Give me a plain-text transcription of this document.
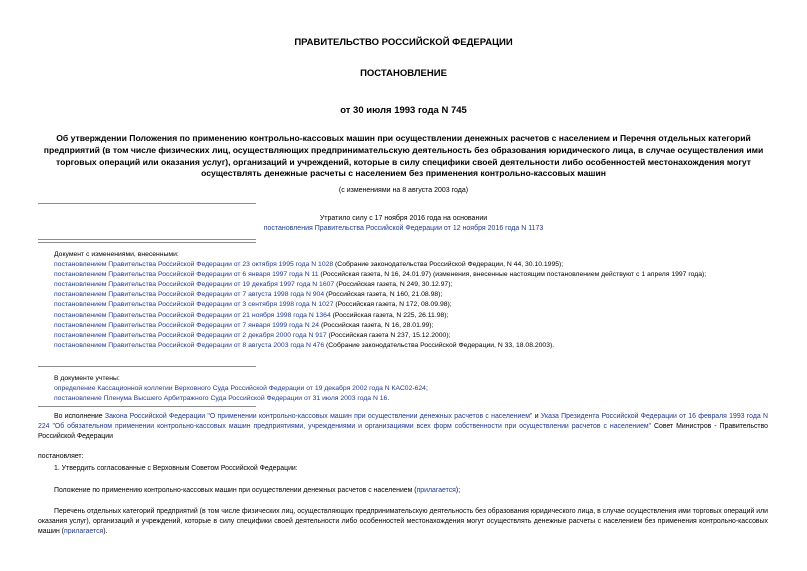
ПРАВИТЕЛЬСТВО РОССИЙСКОЙ ФЕДЕРАЦИИ
ПОСТАНОВЛЕНИЕ
от 30 июля 1993 года N 745
Об утверждении Положения по применению контрольно-кассовых машин при осуществлении денежных расчетов с населением и Перечня отдельных категорий предприятий (в том числе физических лиц, осуществляющих предпринимательскую деятельность без образования юридического лица, в случае осуществления ими торговых операций или оказания услуг), организаций и учреждений, которые в силу специфики своей деятельности либо особенностей местонахождения могут осуществлять денежные расчеты с населением без применения контрольно-кассовых машин
(с изменениями на 8 августа 2003 года)
Утратило силу с 17 ноября 2016 года на основании
постановления Правительства Российской Федерации от 12 ноября 2016 года N 1173
Документ с изменениями, внесенными:
постановлением Правительства Российской Федерации от 23 октября 1995 года N 1028 (Собрание законодательства Российской Федерации, N 44, 30.10.1995);
постановлением Правительства Российской Федерации от 6 января 1997 года N 11 (Российская газета, N 16, 24.01.97) (изменения, внесенные настоящим постановлением действуют с 1 апреля 1997 года);
постановлением Правительства Российской Федерации от 19 декабря 1997 года N 1607 (Российская газета, N 249, 30.12.97);
постановлением Правительства Российской Федерации от 7 августа 1998 года N 904 (Российская газета, N 160, 21.08.98);
постановлением Правительства Российской Федерации от 3 сентября 1998 года N 1027 (Российская газета, N 172, 08.09.98);
постановлением Правительства Российской Федерации от 21 ноября 1998 года N 1364 (Российская газета, N 225, 26.11.98);
постановлением Правительства Российской Федерации от 7 января 1999 года N 24 (Российская газета, N 16, 28.01.99);
постановлением Правительства Российской Федерации от 2 декабря 2000 года N 917 (Российская газета N 237, 15.12.2000);
постановлением Правительства Российской Федерации от 8 августа 2003 года N 476 (Собрание законодательства Российской Федерации, N 33, 18.08.2003).
В документе учтены:
определение Кассационной коллегии Верховного Суда Российской Федерации от 19 декабря 2002 года N КАС02-624;
постановление Пленума Высшего Арбитражного Суда Российской Федерации от 31 июля 2003 года N 16.
Во исполнение Закона Российской Федерации "О применении контрольно-кассовых машин при осуществлении денежных расчетов с населением" и Указа Президента Российской Федерации от 16 февраля 1993 года N 224 "Об обязательном применении контрольно-кассовых машин предприятиями, учреждениями и организациями всех форм собственности при осуществлении расчетов с населением" Совет Министров - Правительство Российской Федерации
постановляет:
1. Утвердить согласованные с Верховным Советом Российской Федерации:
Положение по применению контрольно-кассовых машин при осуществлении денежных расчетов с населением (прилагается);
Перечень отдельных категорий предприятий (в том числе физических лиц, осуществляющих предпринимательскую деятельность без образования юридического лица, в случае осуществления ими торговых операций или оказания услуг), организаций и учреждений, которые в силу специфики своей деятельности либо особенностей местонахождения могут осуществлять денежные расчеты с населением без применения контрольно-кассовых машин (прилагается).
